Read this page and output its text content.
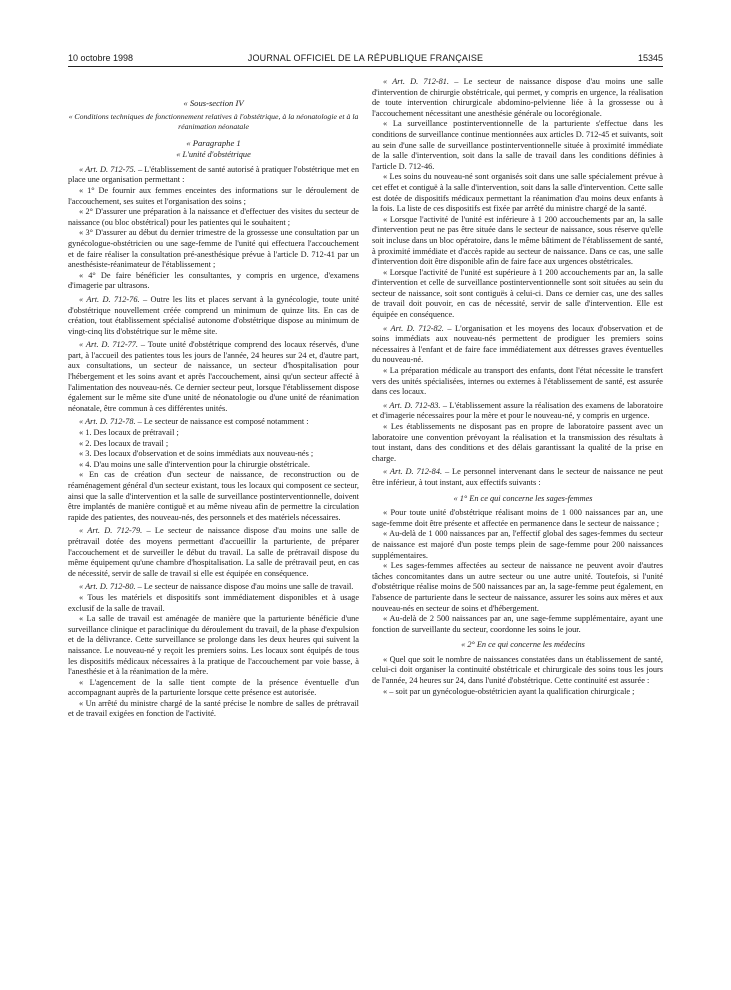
10 octobre 1998	JOURNAL OFFICIEL DE LA RÉPUBLIQUE FRANÇAISE	15345

« Sous-section IV

« Conditions techniques de fonctionnement relatives à l'obstétrique, à la néonatologie et à la réanimation néonatale

« Paragraphe 1

« L'unité d'obstétrique

« Art. D. 712-75. – L'établissement de santé autorisé à pratiquer l'obstétrique met en place une organisation permettant :

« 1° De fournir aux femmes enceintes des informations sur le déroulement de l'accouchement, ses suites et l'organisation des soins ;

« 2° D'assurer une préparation à la naissance et d'effectuer des visites du secteur de naissance (ou bloc obstétrical) pour les patientes qui le souhaitent ;

« 3° D'assurer au début du dernier trimestre de la grossesse une consultation par un gynécologue-obstétricien ou une sage-femme de l'unité qui effectuera l'accouchement et de faire réaliser la consultation pré-anesthésique prévue à l'article D. 712-41 par un anesthésiste-réanimateur de l'établissement ;

« 4° De faire bénéficier les consultantes, y compris en urgence, d'examens d'imagerie par ultrasons.

« Art. D. 712-76. – Outre les lits et places servant à la gynécologie, toute unité d'obstétrique nouvellement créée comprend un minimum de quinze lits. En cas de création, tout établissement spécialisé autonome d'obstétrique dispose au minimum de vingt-cinq lits d'obstétrique sur le même site.

« Art. D. 712-77. – Toute unité d'obstétrique comprend des locaux réservés, d'une part, à l'accueil des patientes tous les jours de l'année, 24 heures sur 24 et, d'autre part, aux consultations, un secteur de naissance, un secteur d'hospitalisation pour l'hébergement et les soins avant et après l'accouchement, ainsi qu'un secteur affecté à l'alimentation des nouveau-nés. Ce dernier secteur peut, lorsque l'établissement dispose également sur le même site d'une unité de néonatologie ou d'une unité de réanimation néonatale, être commun à ces différentes unités.

« Art. D. 712-78. – Le secteur de naissance est composé notamment :

« 1. Des locaux de prétravail ;

« 2. Des locaux de travail ;

« 3. Des locaux d'observation et de soins immédiats aux nouveau-nés ;

« 4. D'au moins une salle d'intervention pour la chirurgie obstétricale.

« En cas de création d'un secteur de naissance, de reconstruction ou de réaménagement général d'un secteur existant, tous les locaux qui composent ce secteur, ainsi que la salle d'intervention et la salle de surveillance postinterventionnelle, doivent être implantés de manière contiguë et au même niveau afin de permettre la circulation rapide des patientes, des nouveau-nés, des personnels et des matériels nécessaires.

« Art. D. 712-79. – Le secteur de naissance dispose d'au moins une salle de prétravail dotée des moyens permettant d'accueillir la parturiente, de préparer l'accouchement et de surveiller le début du travail. La salle de prétravail dispose du même équipement qu'une chambre d'hospitalisation. La salle de prétravail peut, en cas de nécessité, servir de salle de travail si elle est équipée en conséquence.

« Art. D. 712-80. – Le secteur de naissance dispose d'au moins une salle de travail.

« Tous les matériels et dispositifs sont immédiatement disponibles et à usage exclusif de la salle de travail.

« La salle de travail est aménagée de manière que la parturiente bénéficie d'une surveillance clinique et paraclinique du déroulement du travail, de la phase d'expulsion et de la délivrance. Cette surveillance se prolonge dans les deux heures qui suivent la naissance. Le nouveau-né y reçoit les premiers soins. Les locaux sont équipés de tous les dispositifs médicaux nécessaires à la pratique de l'accouchement par voie basse, à l'anesthésie et à la réanimation de la mère.

« L'agencement de la salle tient compte de la présence éventuelle d'un accompagnant auprès de la parturiente lorsque cette présence est autorisée.

« Un arrêté du ministre chargé de la santé précise le nombre de salles de prétravail et de travail exigées en fonction de l'activité.

« Art. D. 712-81. – Le secteur de naissance dispose d'au moins une salle d'intervention de chirurgie obstétricale, qui permet, y compris en urgence, la réalisation de toute intervention chirurgicale abdomino-pelvienne liée à la grossesse ou à l'accouchement nécessitant une anesthésie générale ou locorégionale.

« La surveillance postinterventionnelle de la parturiente s'effectue dans les conditions de surveillance continue mentionnées aux articles D. 712-45 et suivants, soit au sein d'une salle de surveillance postinterventionnelle située à proximité immédiate de la salle d'intervention, soit dans la salle de travail dans les conditions définies à l'article D. 712-46.

« Les soins du nouveau-né sont organisés soit dans une salle spécialement prévue à cet effet et contiguë à la salle d'intervention, soit dans la salle d'intervention. Cette salle est dotée de dispositifs médicaux permettant la réanimation d'au moins deux enfants à la fois. La liste de ces dispositifs est fixée par arrêté du ministre chargé de la santé.

« Lorsque l'activité de l'unité est inférieure à 1 200 accouchements par an, la salle d'intervention peut ne pas être située dans le secteur de naissance, sous réserve qu'elle soit incluse dans un bloc opératoire, dans le même bâtiment de l'établissement de santé, à proximité immédiate et d'accès rapide au secteur de naissance. Dans ce cas, une salle d'intervention doit être disponible afin de faire face aux urgences obstétricales.

« Lorsque l'activité de l'unité est supérieure à 1 200 accouchements par an, la salle d'intervention et celle de surveillance postinterventionnelle sont soit situées au sein du secteur de naissance, soit sont contiguës à celui-ci. Dans ce dernier cas, une des salles de travail doit pouvoir, en cas de nécessité, servir de salle d'intervention. Elle est équipée en conséquence.

« Art. D. 712-82. – L'organisation et les moyens des locaux d'observation et de soins immédiats aux nouveau-nés permettent de prodiguer les premiers soins nécessaires à l'enfant et de faire face immédiatement aux détresses graves éventuelles du nouveau-né.

« La préparation médicale au transport des enfants, dont l'état nécessite le transfert vers des unités spécialisées, internes ou externes à l'établissement de santé, est assurée dans ces locaux.

« Art. D. 712-83. – L'établissement assure la réalisation des examens de laboratoire et d'imagerie nécessaires pour la mère et pour le nouveau-né, y compris en urgence.

« Les établissements ne disposant pas en propre de laboratoire passent avec un laboratoire une convention prévoyant la réalisation et la transmission des résultats à tout instant, dans des conditions et des délais garantissant la qualité de la prise en charge.

« Art. D. 712-84. – Le personnel intervenant dans le secteur de naissance ne peut être inférieur, à tout instant, aux effectifs suivants :

« 1° En ce qui concerne les sages-femmes

« Pour toute unité d'obstétrique réalisant moins de 1 000 naissances par an, une sage-femme doit être présente et affectée en permanence dans le secteur de naissance ;

« Au-delà de 1 000 naissances par an, l'effectif global des sages-femmes du secteur de naissance est majoré d'un poste temps plein de sage-femme pour 200 naissances supplémentaires.

« Les sages-femmes affectées au secteur de naissance ne peuvent avoir d'autres tâches concomitantes dans un autre secteur ou une autre unité. Toutefois, si l'unité d'obstétrique réalise moins de 500 naissances par an, la sage-femme peut également, en l'absence de parturiente dans le secteur de naissance, assurer les soins aux mères et aux nouveau-nés en secteur de soins et d'hébergement.

« Au-delà de 2 500 naissances par an, une sage-femme supplémentaire, ayant une fonction de surveillante du secteur, coordonne les soins le jour.

« 2° En ce qui concerne les médecins

« Quel que soit le nombre de naissances constatées dans un établissement de santé, celui-ci doit organiser la continuité obstétricale et chirurgicale des soins tous les jours de l'année, 24 heures sur 24, dans l'unité d'obstétrique. Cette continuité est assurée :

« – soit par un gynécologue-obstétricien ayant la qualification chirurgicale ;
